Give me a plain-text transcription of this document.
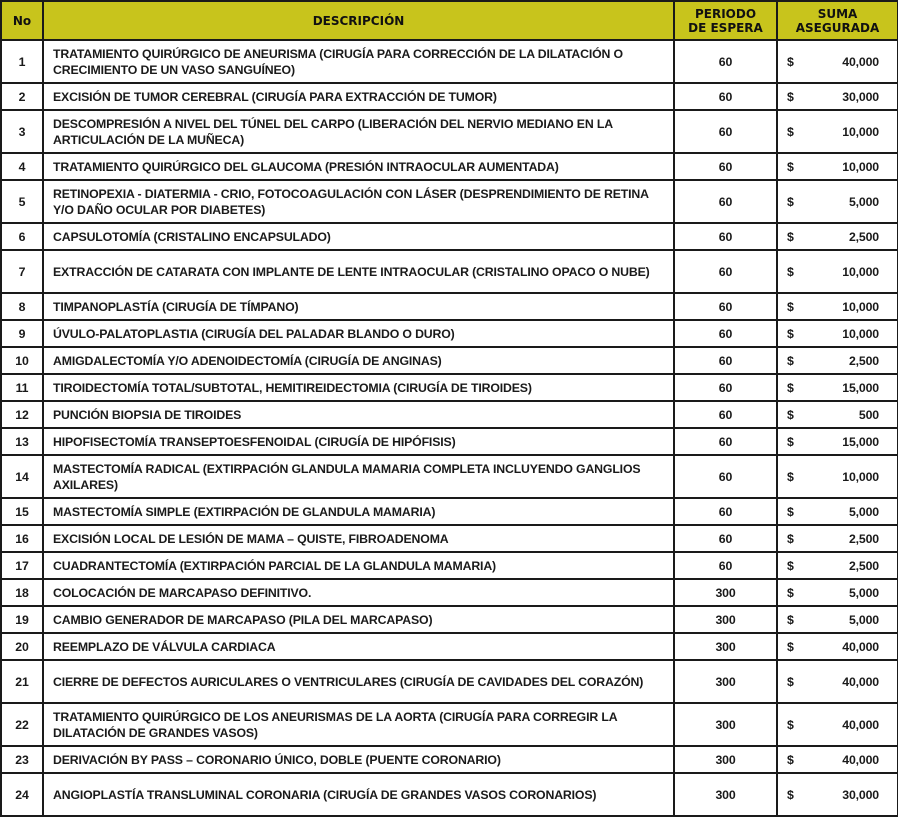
No	DESCRIPCIÓN	PERIODO DE ESPERA	SUMA ASEGURADA	
1	TRATAMIENTO QUIRÚRGICO DE ANEURISMA (CIRUGÍA PARA CORRECCIÓN DE LA DILATACIÓN O CRECIMIENTO DE UN VASO SANGUÍNEO)	60	$	40,000
2	EXCISIÓN DE TUMOR CEREBRAL (CIRUGÍA PARA EXTRACCIÓN DE TUMOR)	60	$	30,000
3	DESCOMPRESIÓN A NIVEL DEL TÚNEL DEL CARPO (LIBERACIÓN DEL NERVIO MEDIANO EN LA ARTICULACIÓN DE LA MUÑECA)	60	$	10,000
4	TRATAMIENTO QUIRÚRGICO DEL GLAUCOMA (PRESIÓN INTRAOCULAR AUMENTADA)	60	$	10,000
5	RETINOPEXIA - DIATERMIA - CRIO, FOTOCOAGULACIÓN CON LÁSER (DESPRENDIMIENTO DE RETINA Y/O DAÑO OCULAR POR DIABETES)	60	$	5,000
6	CAPSULOTOMÍA (CRISTALINO ENCAPSULADO)	60	$	2,500
7	EXTRACCIÓN DE CATARATA CON IMPLANTE DE LENTE INTRAOCULAR (CRISTALINO OPACO O NUBE)	60	$	10,000
8	TIMPANOPLASTÍA (CIRUGÍA DE TÍMPANO)	60	$	10,000
9	ÚVULO-PALATOPLASTIA (CIRUGÍA DEL PALADAR BLANDO O DURO)	60	$	10,000
10	AMIGDALECTOMÍA Y/O ADENOIDECTOMÍA (CIRUGÍA DE ANGINAS)	60	$	2,500
11	TIROIDECTOMÍA TOTAL/SUBTOTAL, HEMITIREIDECTOMIA (CIRUGÍA DE TIROIDES)	60	$	15,000
12	PUNCIÓN BIOPSIA DE TIROIDES	60	$	500
13	HIPOFISECTOMÍA TRANSEPTOESFENOIDAL (CIRUGÍA DE HIPÓFISIS)	60	$	15,000
14	MASTECTOMÍA RADICAL (EXTIRPACIÓN GLANDULA MAMARIA COMPLETA INCLUYENDO GANGLIOS AXILARES)	60	$	10,000
15	MASTECTOMÍA SIMPLE (EXTIRPACIÓN DE GLANDULA MAMARIA)	60	$	5,000
16	EXCISIÓN LOCAL DE LESIÓN DE MAMA – QUISTE, FIBROADENOMA	60	$	2,500
17	CUADRANTECTOMÍA (EXTIRPACIÓN PARCIAL DE LA GLANDULA MAMARIA)	60	$	2,500
18	COLOCACIÓN DE MARCAPASO DEFINITIVO.	300	$	5,000
19	CAMBIO GENERADOR DE MARCAPASO (PILA DEL MARCAPASO)	300	$	5,000
20	REEMPLAZO DE VÁLVULA CARDIACA	300	$	40,000
21	CIERRE DE DEFECTOS AURICULARES O VENTRICULARES (CIRUGÍA DE CAVIDADES DEL CORAZÓN)	300	$	40,000
22	TRATAMIENTO QUIRÚRGICO DE LOS ANEURISMAS DE LA AORTA (CIRUGÍA PARA CORREGIR LA DILATACIÓN DE GRANDES VASOS)	300	$	40,000
23	DERIVACIÓN BY PASS – CORONARIO ÚNICO, DOBLE (PUENTE CORONARIO)	300	$	40,000
24	ANGIOPLASTÍA TRANSLUMINAL CORONARIA (CIRUGÍA DE GRANDES VASOS CORONARIOS)	300	$	30,000
